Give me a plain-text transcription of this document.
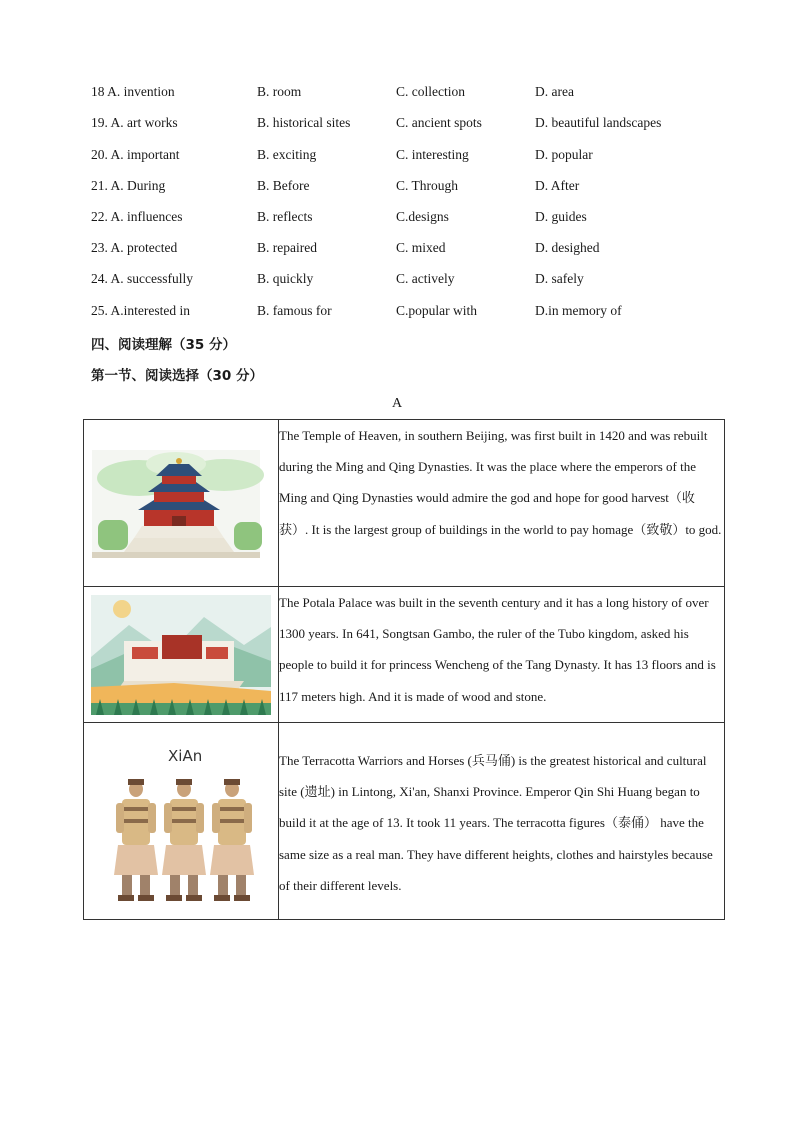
18 A. invention	B. room	C. collection	D. area
19. A. art works	B. historical sites	C. ancient spots	D. beautiful landscapes
20. A. important	B. exciting	C. interesting	D. popular
21. A. During	B. Before	C. Through	D. After
22. A. influences	B. reflects	C.designs	D. guides
23. A. protected	B. repaired	C. mixed	D. desighed
24. A. successfully	B. quickly	C. actively	D. safely
25. A.interested in	B. famous for	C.popular with	D.in memory of
四、阅读理解（35 分）
第一节、阅读选择（30 分）
A
	The Temple of Heaven, in southern Beijing, was first built in 1420 and was rebuilt during the Ming and Qing Dynasties. It was the place where the emperors of the Ming and Qing Dynasties would admire the god and hope for good harvest（收获）. It is the largest group of buildings in the world to pay homage（致敬）to god.

	The Potala Palace was built in the seventh century and it has a long history of over 1300 years. In 641, Songtsan Gambo, the ruler of the Tubo kingdom, asked his people to build it for princess Wencheng of the Tang Dynasty. It has 13 floors and is 117 meters high. And it is made of wood and stone.

XiAn	The Terracotta Warriors and Horses (兵马俑) is the greatest historical and cultural site (遗址) in Lintong, Xi'an, Shanxi Province. Emperor Qin Shi Huang began to build it at the age of 13. It took 11 years. The terracotta figures（泰俑） have the same size as a real man. They have different heights, clothes and hairstyles because of their different levels.
